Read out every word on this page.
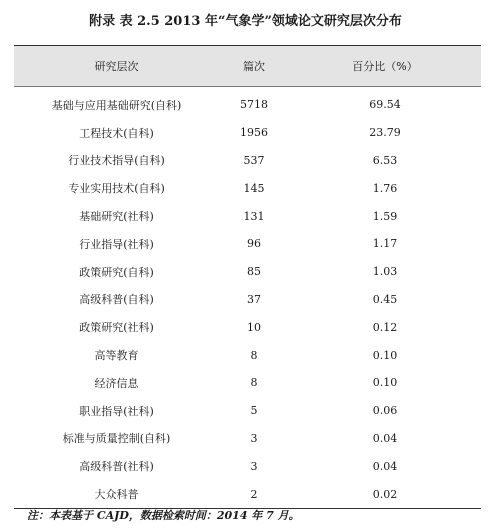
附录 表 2.5 2013 年“气象学”领域论文研究层次分布
研究层次	篇次	百分比（%）
基础与应用基础研究(自科)	5718	69.54
工程技术(自科)	1956	23.79
行业技术指导(自科)	537	6.53
专业实用技术(自科)	145	1.76
基础研究(社科)	131	1.59
行业指导(社科)	96	1.17
政策研究(自科)	85	1.03
高级科普(自科)	37	0.45
政策研究(社科)	10	0.12
高等教育	8	0.10
经济信息	8	0.10
职业指导(社科)	5	0.06
标准与质量控制(自科)	3	0.04
高级科普(社科)	3	0.04
大众科普	2	0.02
注：本表基于 CAJD，数据检索时间：2014 年 7 月。
